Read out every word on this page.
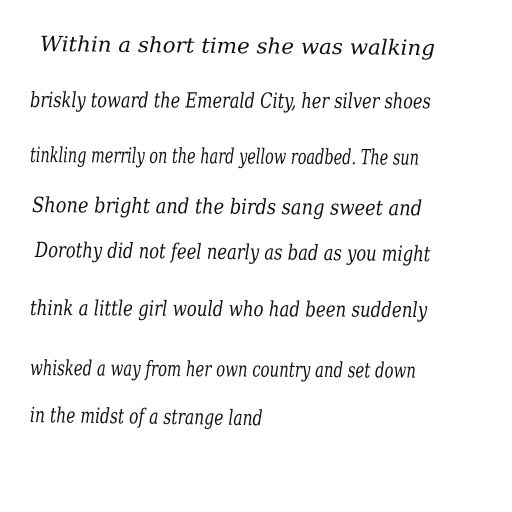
Within a short time she was walking
briskly toward the Emerald City, her silver shoes
tinkling merrily on the hard yellow roadbed. The sun
Shone bright and the birds sang sweet and
Dorothy did not feel nearly as bad as you might
think a little girl would who had been suddenly
whisked a way from her own country and set down
in the midst of a strange land
